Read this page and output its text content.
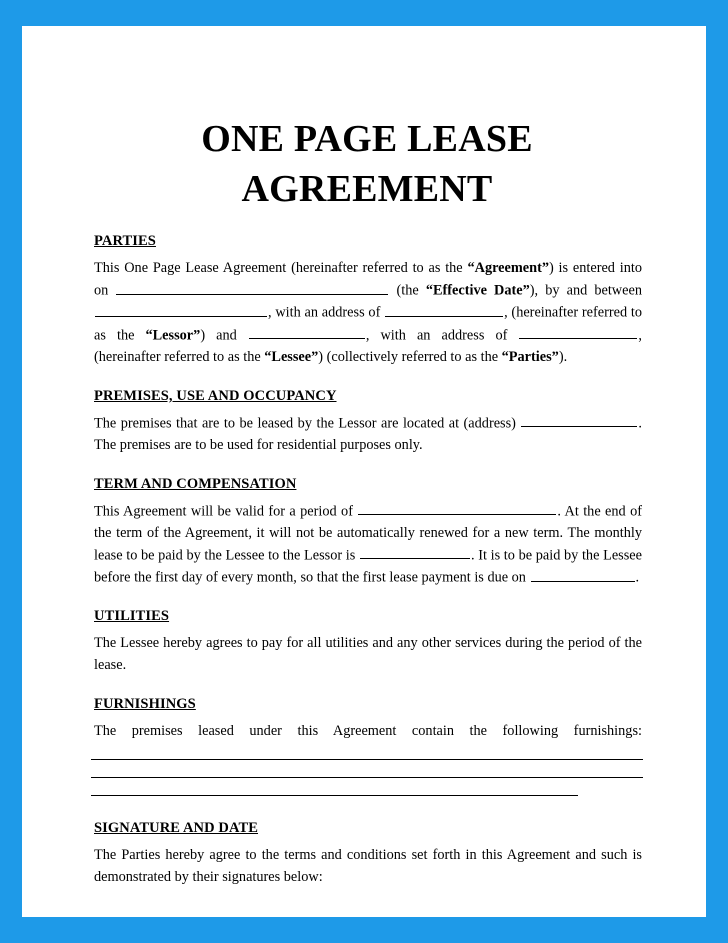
ONE PAGE LEASE AGREEMENT
PARTIES

This One Page Lease Agreement (hereinafter referred to as the “Agreement”) is entered into on	(the “Effective Date”), by and between , with an address of	, (hereinafter referred to as the “Lessor”) and	, with an address of	, (hereinafter referred to as the “Lessee”) (collectively referred to as the “Parties”).

PREMISES, USE AND OCCUPANCY

The premises that are to be leased by the Lessor are located at (address)	. The premises are to be used for residential purposes only.

TERM AND COMPENSATION

This Agreement will be valid for a period of	. At the end of the term of the Agreement, it will not be automatically renewed for a new term. The monthly lease to be paid by the Lessee to the Lessor is	. It is to be paid by the Lessee before the first day of every month, so that the first lease payment is due on	.

UTILITIES

The Lessee hereby agrees to pay for all utilities and any other services during the period of the lease.

FURNISHINGS

The premises leased under this Agreement contain the following furnishings:

SIGNATURE AND DATE

The Parties hereby agree to the terms and conditions set forth in this Agreement and such is demonstrated by their signatures below:
